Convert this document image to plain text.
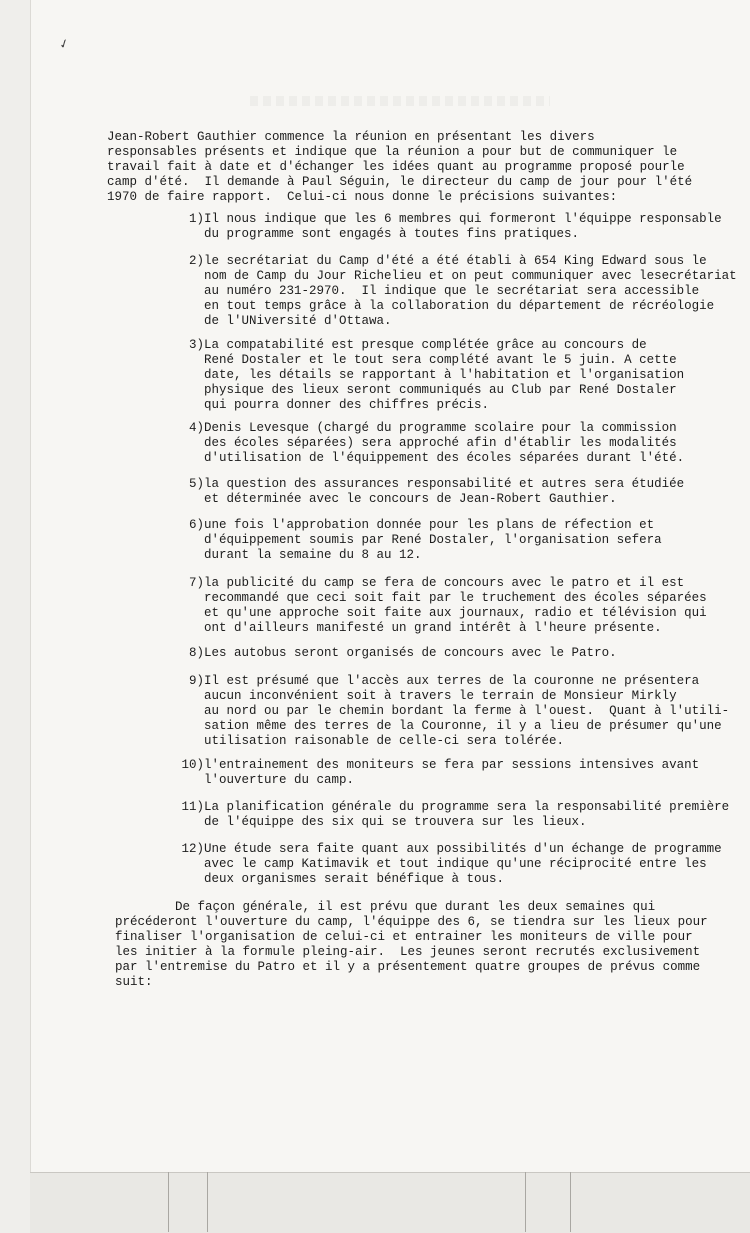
✓
Jean-Robert Gauthier commence la réunion en présentant les divers
responsables présents et indique que la réunion a pour but de communiquer le
travail fait à date et d'échanger les idées quant au programme proposé pourle
camp d'été.  Il demande à Paul Séguin, le directeur du camp de jour pour l'été
1970 de faire rapport.  Celui-ci nous donne le précisions suivantes:

1)

Il nous indique que les 6 membres qui formeront l'équippe responsable
du programme sont engagés à toutes fins pratiques.

2)

le secrétariat du Camp d'été a été établi à 654 King Edward sous le
nom de Camp du Jour Richelieu et on peut communiquer avec lesecrétariat
au numéro 231-2970.  Il indique que le secrétariat sera accessible
en tout temps grâce à la collaboration du département de récréologie
de l'UNiversité d'Ottawa.

3)

La compatabilité est presque complétée grâce au concours de
René Dostaler et le tout sera complété avant le 5 juin. A cette
date, les détails se rapportant à l'habitation et l'organisation
physique des lieux seront communiqués au Club par René Dostaler
qui pourra donner des chiffres précis.

4)

Denis Levesque (chargé du programme scolaire pour la commission
des écoles séparées) sera approché afin d'établir les modalités
d'utilisation de l'équippement des écoles séparées durant l'été.

5)

la question des assurances responsabilité et autres sera étudiée
et déterminée avec le concours de Jean-Robert Gauthier.

6)

une fois l'approbation donnée pour les plans de réfection et
d'équippement soumis par René Dostaler, l'organisation sefera
durant la semaine du 8 au 12.

7)

la publicité du camp se fera de concours avec le patro et il est
recommandé que ceci soit fait par le truchement des écoles séparées
et qu'une approche soit faite aux journaux, radio et télévision qui
ont d'ailleurs manifesté un grand intérêt à l'heure présente.

8)

Les autobus seront organisés de concours avec le Patro.

9)

Il est présumé que l'accès aux terres de la couronne ne présentera
aucun inconvénient soit à travers le terrain de Monsieur Mirkly
au nord ou par le chemin bordant la ferme à l'ouest.  Quant à l'utili-
sation même des terres de la Couronne, il y a lieu de présumer qu'une
utilisation raisonable de celle-ci sera tolérée.

10)

l'entrainement des moniteurs se fera par sessions intensives avant
l'ouverture du camp.

11)

La planification générale du programme sera la responsabilité première
de l'équippe des six qui se trouvera sur les lieux.

12)

Une étude sera faite quant aux possibilités d'un échange de programme
avec le camp Katimavik et tout indique qu'une réciprocité entre les
deux organismes serait bénéfique à tous.

De façon générale, il est prévu que durant les deux semaines qui
précéderont l'ouverture du camp, l'équippe des 6, se tiendra sur les lieux pour
finaliser l'organisation de celui-ci et entrainer les moniteurs de ville pour
les initier à la formule pleing-air.  Les jeunes seront recrutés exclusivement
par l'entremise du Patro et il y a présentement quatre groupes de prévus comme
suit:
